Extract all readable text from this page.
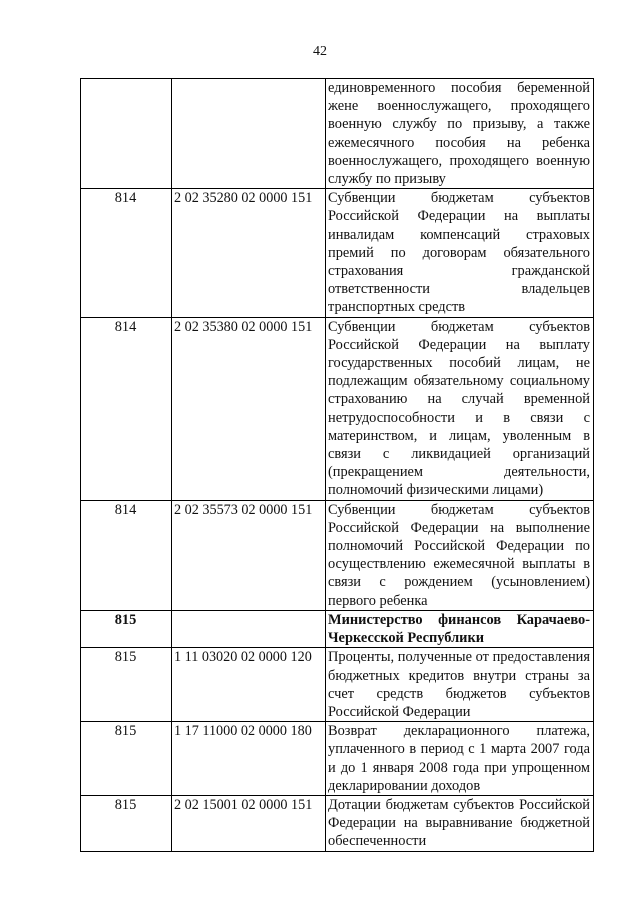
42
		единовременного пособия беременной жене военнослужащего, проходящего военную службу по призыву, а также ежемесячного пособия на ребенка военнослужащего, проходящего военную службу по призыву
814	2 02 35280 02 0000 151	Субвенции бюджетам субъектов Российской Федерации на выплаты инвалидам компенсаций страховых премий по договорам обязательного страхования гражданской ответственности владельцев транспортных средств
814	2 02 35380 02 0000 151	Субвенции бюджетам субъектов Российской Федерации на выплату государственных пособий лицам, не подлежащим обязательному социальному страхованию на случай временной нетрудоспособности и в связи с материнством, и лицам, уволенным в связи с ликвидацией организаций (прекращением деятельности, полномочий физическими лицами)
814	2 02 35573 02 0000 151	Субвенции бюджетам субъектов Российской Федерации на выполнение полномочий Российской Федерации по осуществлению ежемесячной выплаты в связи с рождением (усыновлением) первого ребенка
815		Министерство финансов Карачаево-Черкесской Республики
815	1 11 03020 02 0000 120	Проценты, полученные от предоставления бюджетных кредитов внутри страны за счет средств бюджетов субъектов Российской Федерации
815	1 17 11000 02 0000 180	Возврат декларационного платежа, уплаченного в период с 1 марта 2007 года и до 1 января 2008 года при упрощенном декларировании доходов
815	2 02 15001 02 0000 151	Дотации бюджетам субъектов Российской Федерации на выравнивание бюджетной обеспеченности
